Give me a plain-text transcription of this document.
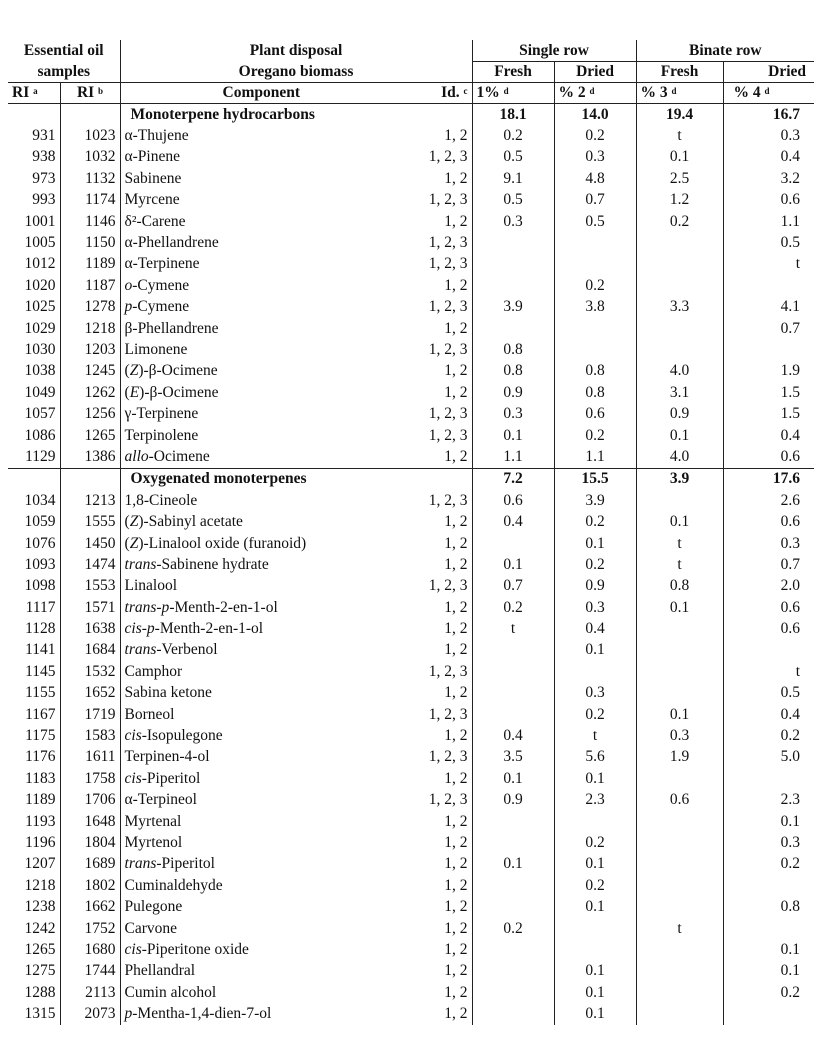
Essential oil		Plant disposal		Single row		Binate row	
samples		Oregano biomass		Fresh	Dried	Fresh	Dried
RI $^a$	RI $^b$	Component	Id. $^c$	1% $^d$	% 2 $^d$	% 3 $^d$	% 4 $^d$
		Monoterpene hydrocarbons		18.1	14.0	19.4	16.7
931	1023	α-Thujene	1, 2	0.2	0.2	t	0.3
938	1032	α-Pinene	1, 2, 3	0.5	0.3	0.1	0.4
973	1132	Sabinene	1, 2	9.1	4.8	2.5	3.2
993	1174	Myrcene	1, 2, 3	0.5	0.7	1.2	0.6
1001	1146	δ²-Carene	1, 2	0.3	0.5	0.2	1.1
1005	1150	α-Phellandrene	1, 2, 3				0.5
1012	1189	α-Terpinene	1, 2, 3				t
1020	1187	o-Cymene	1, 2		0.2		
1025	1278	p-Cymene	1, 2, 3	3.9	3.8	3.3	4.1
1029	1218	β-Phellandrene	1, 2				0.7
1030	1203	Limonene	1, 2, 3	0.8			
1038	1245	(Z)-β-Ocimene	1, 2	0.8	0.8	4.0	1.9
1049	1262	(E)-β-Ocimene	1, 2	0.9	0.8	3.1	1.5
1057	1256	γ-Terpinene	1, 2, 3	0.3	0.6	0.9	1.5
1086	1265	Terpinolene	1, 2, 3	0.1	0.2	0.1	0.4
1129	1386	allo-Ocimene	1, 2	1.1	1.1	4.0	0.6
		Oxygenated monoterpenes		7.2	15.5	3.9	17.6
1034	1213	1,8-Cineole	1, 2, 3	0.6	3.9		2.6
1059	1555	(Z)-Sabinyl acetate	1, 2	0.4	0.2	0.1	0.6
1076	1450	(Z)-Linalool oxide (furanoid)	1, 2		0.1	t	0.3
1093	1474	trans-Sabinene hydrate	1, 2	0.1	0.2	t	0.7
1098	1553	Linalool	1, 2, 3	0.7	0.9	0.8	2.0
1117	1571	trans-p-Menth-2-en-1-ol	1, 2	0.2	0.3	0.1	0.6
1128	1638	cis-p-Menth-2-en-1-ol	1, 2	t	0.4		0.6
1141	1684	trans-Verbenol	1, 2		0.1		
1145	1532	Camphor	1, 2, 3				t
1155	1652	Sabina ketone	1, 2		0.3		0.5
1167	1719	Borneol	1, 2, 3		0.2	0.1	0.4
1175	1583	cis-Isopulegone	1, 2	0.4	t	0.3	0.2
1176	1611	Terpinen-4-ol	1, 2, 3	3.5	5.6	1.9	5.0
1183	1758	cis-Piperitol	1, 2	0.1	0.1		
1189	1706	α-Terpineol	1, 2, 3	0.9	2.3	0.6	2.3
1193	1648	Myrtenal	1, 2				0.1
1196	1804	Myrtenol	1, 2		0.2		0.3
1207	1689	trans-Piperitol	1, 2	0.1	0.1		0.2
1218	1802	Cuminaldehyde	1, 2		0.2		
1238	1662	Pulegone	1, 2		0.1		0.8
1242	1752	Carvone	1, 2	0.2		t	
1265	1680	cis-Piperitone oxide	1, 2				0.1
1275	1744	Phellandral	1, 2		0.1		0.1
1288	2113	Cumin alcohol	1, 2		0.1		0.2
1315	2073	p-Mentha-1,4-dien-7-ol	1, 2		0.1		
